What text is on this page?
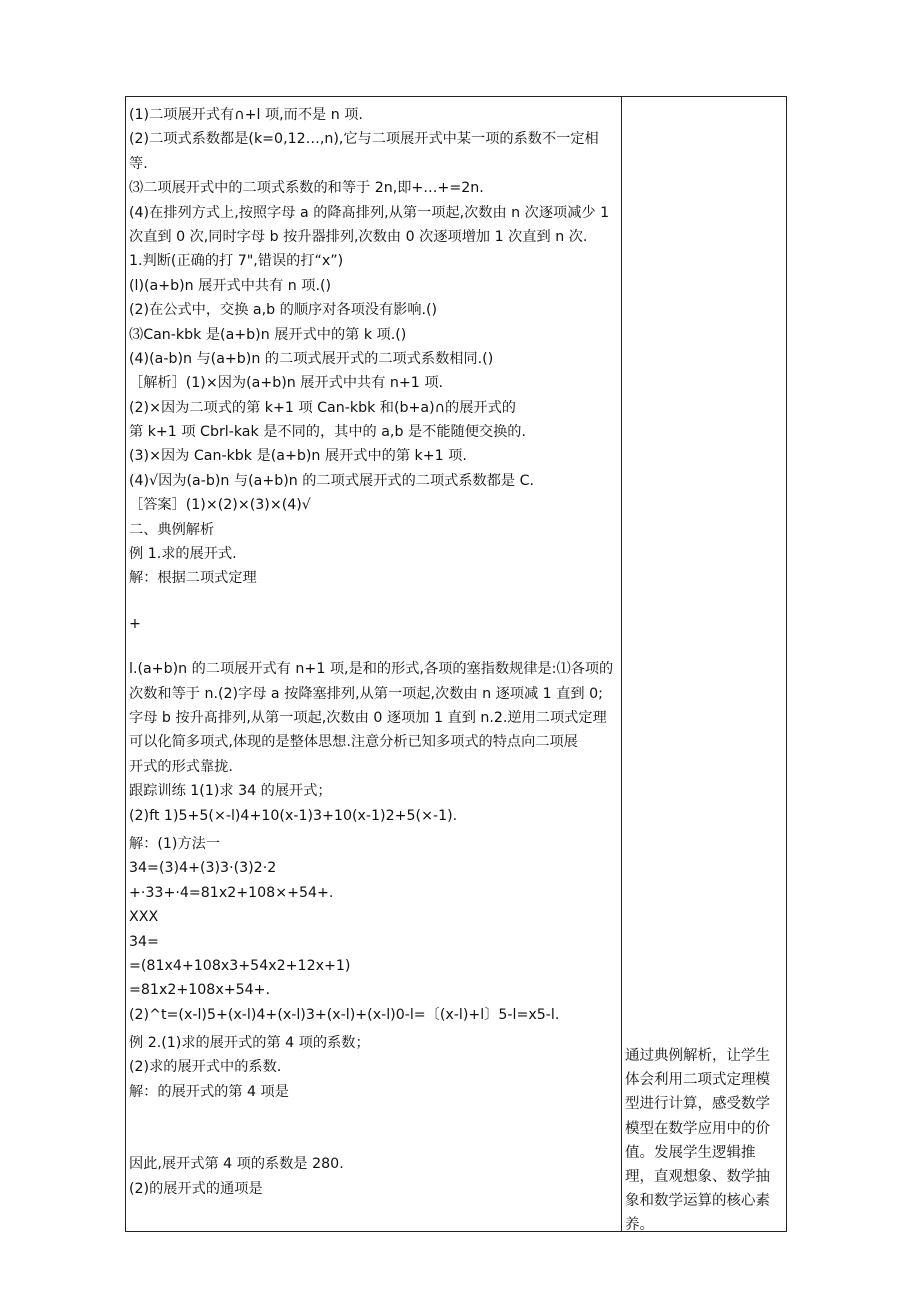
(1)二项展开式有∩+l 项,而不是 n 项.
(2)二项式系数都是(k=0,12…,n),它与二项展开式中某一项的系数不一定相
等.
⑶二项展开式中的二项式系数的和等于 2n,即+…+=2n.
(4)在排列方式上,按照字母 a 的降髙排列,从第一项起,次数由 n 次逐项减少 1
次直到 0 次,同时字母 b 按升器排列,次数由 0 次逐项增加 1 次直到 n 次.
1.判断(正确的打 7",错误的打“x”)
(l)(a+b)n 展开式中共有 n 项.()
(2)在公式中，交换 a,b 的顺序对各项没有影响.()
⑶Can-kbk 是(a+b)n 展开式中的第 k 项.()
(4)(a-b)n 与(a+b)n 的二项式展开式的二项式系数相同.()
［解析］(1)×因为(a+b)n 展开式中共有 n+1 项.
(2)×因为二项式的第 k+1 项 Can-kbk 和(b+a)∩的展开式的
第 k+1 项 Cbrl-kak 是不同的，其中的 a,b 是不能随便交换的.
(3)×因为 Can-kbk 是(a+b)n 展开式中的第 k+1 项.
(4)√因为(a-b)n 与(a+b)n 的二项式展开式的二项式系数都是 C.
［答案］(1)×(2)×(3)×(4)√
二、典例解析
例 1.求的展开式.
解：根据二项式定理
+
l.(a+b)n 的二项展开式有 n+1 项,是和的形式,各项的塞指数规律是:⑴各项的
次数和等于 n.(2)字母 a 按降塞排列,从第一项起,次数由 n 逐项减 1 直到 0;
字母 b 按升髙排列,从第一项起,次数由 0 逐项加 1 直到 n.2.逆用二项式定理
可以化简多项式,体现的是整体思想.注意分析已知多项式的特点向二项展
开式的形式靠拢.
跟踪训练 1(1)求 34 的展开式；
(2)ft 1)5+5(×-l)4+10(x-1)3+10(x-1)2+5(×-1).
解：(1)方法一
34=(3)4+(3)3·(3)2·2
+·33+·4=81x2+108×+54+.
XXX
34=
=(81x4+108x3+54x2+12x+1)
=81x2+108x+54+.
(2)^t=(x-l)5+(x-l)4+(x-l)3+(x-l)+(x-l)0-l=〔(x-l)+l〕5-l=x5-l.
例 2.(1)求的展开式的第 4 项的系数；
(2)求的展开式中的系数.
解：的展开式的第 4 项是
因此,展开式第 4 项的系数是 280.
(2)的展开式的通项是
通过典例解析，让学生
体会利用二项式定理模
型进行计算，感受数学
模型在数学应用中的价
值。发展学生逻辑推
理，直观想象、数学抽
象和数学运算的核心素
养。
